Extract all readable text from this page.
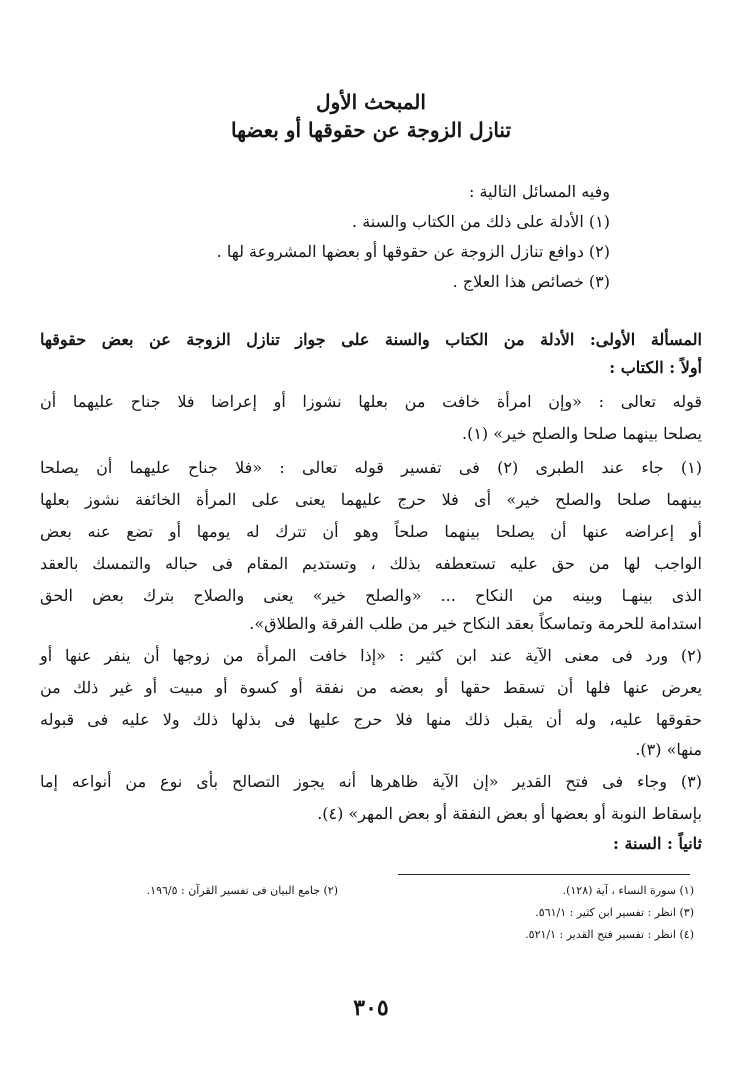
المبحث الأول
تنازل الزوجة عن حقوقها أو بعضها
وفيه المسائل التالية :
(١) الأدلة على ذلك من الكتاب والسنة .
(٢) دوافع تنازل الزوجة عن حقوقها أو بعضها المشروعة لها .
(٣) خصائص هذا العلاج .
المسألة الأولى: الأدلة من الكتاب والسنة على جواز تنازل الزوجة عن بعض حقوقها
أولاً : الكتاب :
قوله تعالى : «وإن امرأة خافت من بعلها نشوزا أو إعراضا فلا جناح عليهما أن
يصلحا بينهما صلحا والصلح خير» (١).
(١) جاء عند الطبرى (٢) فى تفسير قوله تعالى : «فلا جناح عليهما أن يصلحا
بينهما صلحا والصلح خير» أى فلا حرج عليهما يعنى على المرأة الخائفة نشوز بعلها
أو إعراضه عنها أن يصلحا بينهما صلحاً وهو أن تترك له يومها أو تضع عنه بعض
الواجب لها من حق عليه تستعطفه بذلك ، وتستديم المقام فى حباله والتمسك بالعقد
الذى بينهـا وبينه من النكاح ... «والصلح خير» يعنى والصلاح بترك بعض الحق
استدامة للحرمة وتماسكاً بعقد النكاح خير من طلب الفرقة والطلاق».
(٢) ورد فى معنى الآية عند ابن كثير : «إذا خافت المرأة من زوجها أن ينفر عنها أو
يعرض عنها فلها أن تسقط حقها أو بعضه من نفقة أو كسوة أو مبيت أو غير ذلك من
حقوقها عليه، وله أن يقبل ذلك منها فلا حرج عليها فى بذلها ذلك ولا عليه فى قبوله
منها» (٣).
(٣) وجاء فى فتح القدير «إن الآية ظاهرها أنه يجوز التصالح بأى نوع من أنواعه إما
بإسقاط النوبة أو بعضها أو بعض النفقة أو بعض المهر» (٤).
ثانياً : السنة :
(١) سورة النساء ، آية (١٢٨).
(٢) جامع البيان فى تفسير القرآن : ١٩٦/٥.
(٣) انظر : تفسير ابن كثير : ٥٦١/١.
(٤) انظر : تفسير فتح القدير : ٥٢١/١.
٣٠٥
